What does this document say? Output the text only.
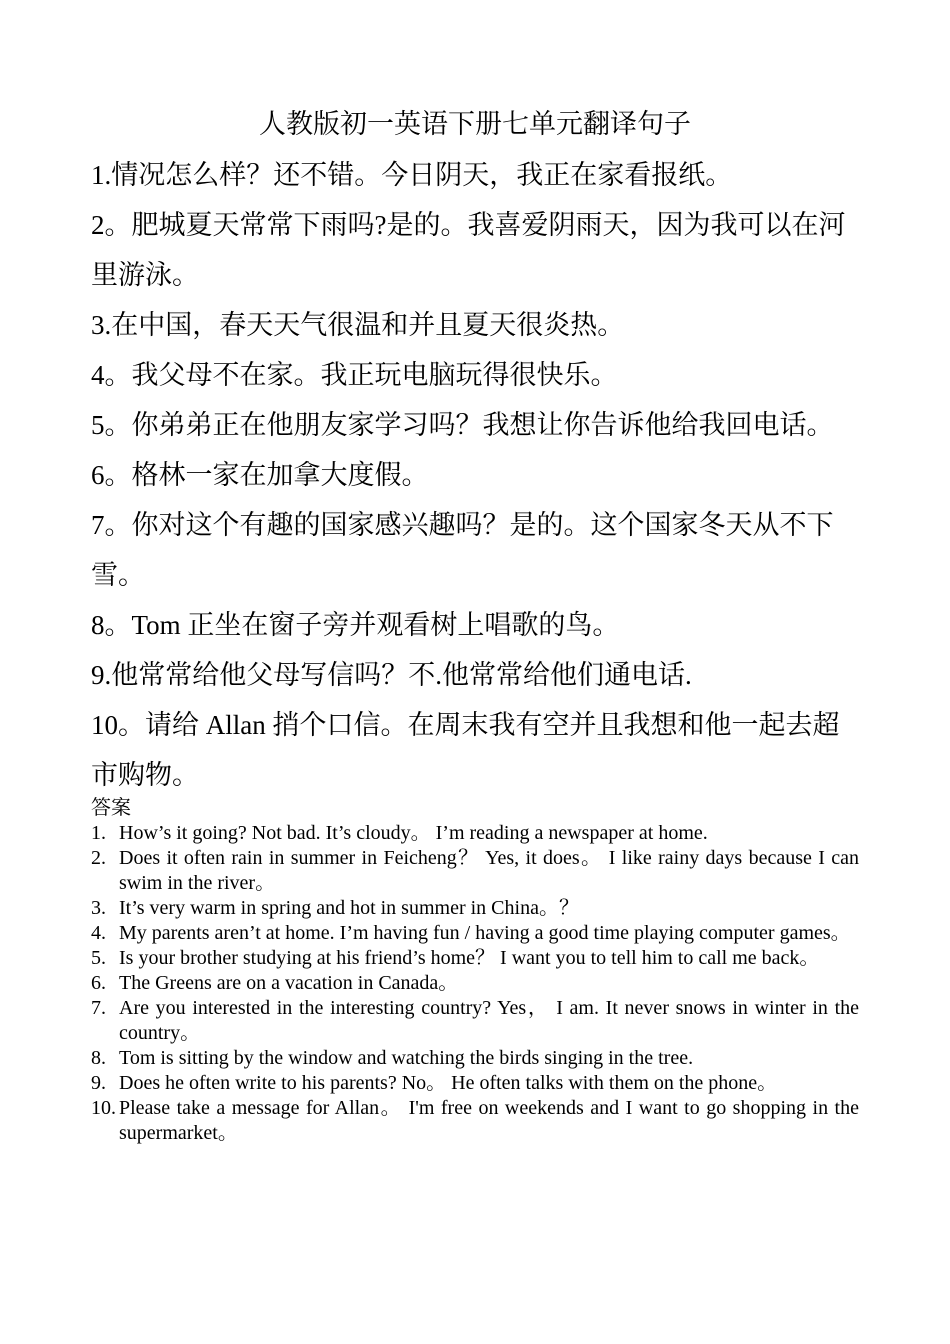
人教版初一英语下册七单元翻译句子
1.情况怎么样？还不错。今日阴天，我正在家看报纸。
2。肥城夏天常常下雨吗?是的。我喜爱阴雨天，因为我可以在河里游泳。
3.在中国，春天天气很温和并且夏天很炎热。
4。我父母不在家。我正玩电脑玩得很快乐。
5。你弟弟正在他朋友家学习吗？我想让你告诉他给我回电话。
6。格林一家在加拿大度假。
7。你对这个有趣的国家感兴趣吗？是的。这个国家冬天从不下雪。
8。Tom 正坐在窗子旁并观看树上唱歌的鸟。
9.他常常给他父母写信吗？不.他常常给他们通电话.
10。请给 Allan 捎个口信。在周末我有空并且我想和他一起去超市购物。
答案
1. How’s it going? Not bad. It’s cloudy。 I’m reading a newspaper at home.
2. Does it often rain in summer in Feicheng？ Yes, it does。 I like rainy days because I can swim in the river。
3. It’s very warm in spring and hot in summer in China。？
4. My parents aren’t at home. I’m having fun / having a good time playing computer games。
5. Is your brother studying at his friend’s home？ I want you to tell him to call me back。
6. The Greens are on a vacation in Canada。
7. Are you interested in the interesting country? Yes， I am. It never snows in winter in the country。
8. Tom is sitting by the window and watching the birds singing in the tree.
9. Does he often write to his parents? No。 He often talks with them on the phone。
10. Please take a message for Allan。 I'm free on weekends and I want to go shopping in the supermarket。
